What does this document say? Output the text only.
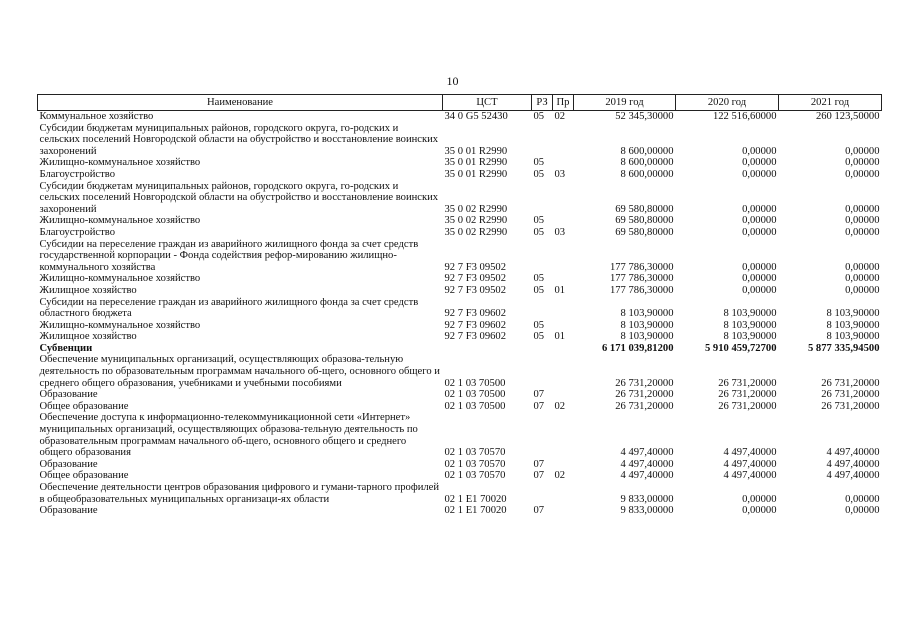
10
Наименование	ЦСТ	РЗ	Пр	2019 год	2020 год	2021 год
Коммунальное хозяйство	34 0 G5 52430	05	02	52 345,30000	122 516,60000	260 123,50000
Субсидии бюджетам муниципальных районов, городского округа, го-родских и сельских поселений Новгородской области на обустройство и восстановление воинских захоронений	35 0 01 R2990			8 600,00000	0,00000	0,00000
Жилищно-коммунальное хозяйство	35 0 01 R2990	05		8 600,00000	0,00000	0,00000
Благоустройство	35 0 01 R2990	05	03	8 600,00000	0,00000	0,00000
Субсидии бюджетам муниципальных районов, городского округа, го-родских и сельских поселений Новгородской области на обустройство и восстановление воинских захоронений	35 0 02 R2990			69 580,80000	0,00000	0,00000
Жилищно-коммунальное хозяйство	35 0 02 R2990	05		69 580,80000	0,00000	0,00000
Благоустройство	35 0 02 R2990	05	03	69 580,80000	0,00000	0,00000
Субсидии на переселение граждан из аварийного жилищного фонда за счет средств государственной корпорации - Фонда содействия рефор-мированию жилищно-коммунального хозяйства	92 7 F3 09502			177 786,30000	0,00000	0,00000
Жилищно-коммунальное хозяйство	92 7 F3 09502	05		177 786,30000	0,00000	0,00000
Жилищное хозяйство	92 7 F3 09502	05	01	177 786,30000	0,00000	0,00000
Субсидии на переселение граждан из аварийного жилищного фонда за счет средств областного бюджета	92 7 F3 09602			8 103,90000	8 103,90000	8 103,90000
Жилищно-коммунальное хозяйство	92 7 F3 09602	05		8 103,90000	8 103,90000	8 103,90000
Жилищное хозяйство	92 7 F3 09602	05	01	8 103,90000	8 103,90000	8 103,90000
Субвенции				6 171 039,81200	5 910 459,72700	5 877 335,94500
Обеспечение муниципальных организаций, осуществляющих образова-тельную деятельность по образовательным программам начального об-щего, основного общего и среднего общего образования, учебниками и учебными пособиями	02 1 03 70500			26 731,20000	26 731,20000	26 731,20000
Образование	02 1 03 70500	07		26 731,20000	26 731,20000	26 731,20000
Общее образование	02 1 03 70500	07	02	26 731,20000	26 731,20000	26 731,20000
Обеспечение доступа к информационно-телекоммуникационной сети «Интернет» муниципальных организаций, осуществляющих образова-тельную деятельность по образовательным программам начального об-щего, основного общего и среднего общего образования	02 1 03 70570			4 497,40000	4 497,40000	4 497,40000
Образование	02 1 03 70570	07		4 497,40000	4 497,40000	4 497,40000
Общее образование	02 1 03 70570	07	02	4 497,40000	4 497,40000	4 497,40000
Обеспечение деятельности центров образования цифрового и гумани-тарного профилей в общеобразовательных муниципальных организаци-ях области	02 1 E1 70020			9 833,00000	0,00000	0,00000
Образование	02 1 E1 70020	07		9 833,00000	0,00000	0,00000
